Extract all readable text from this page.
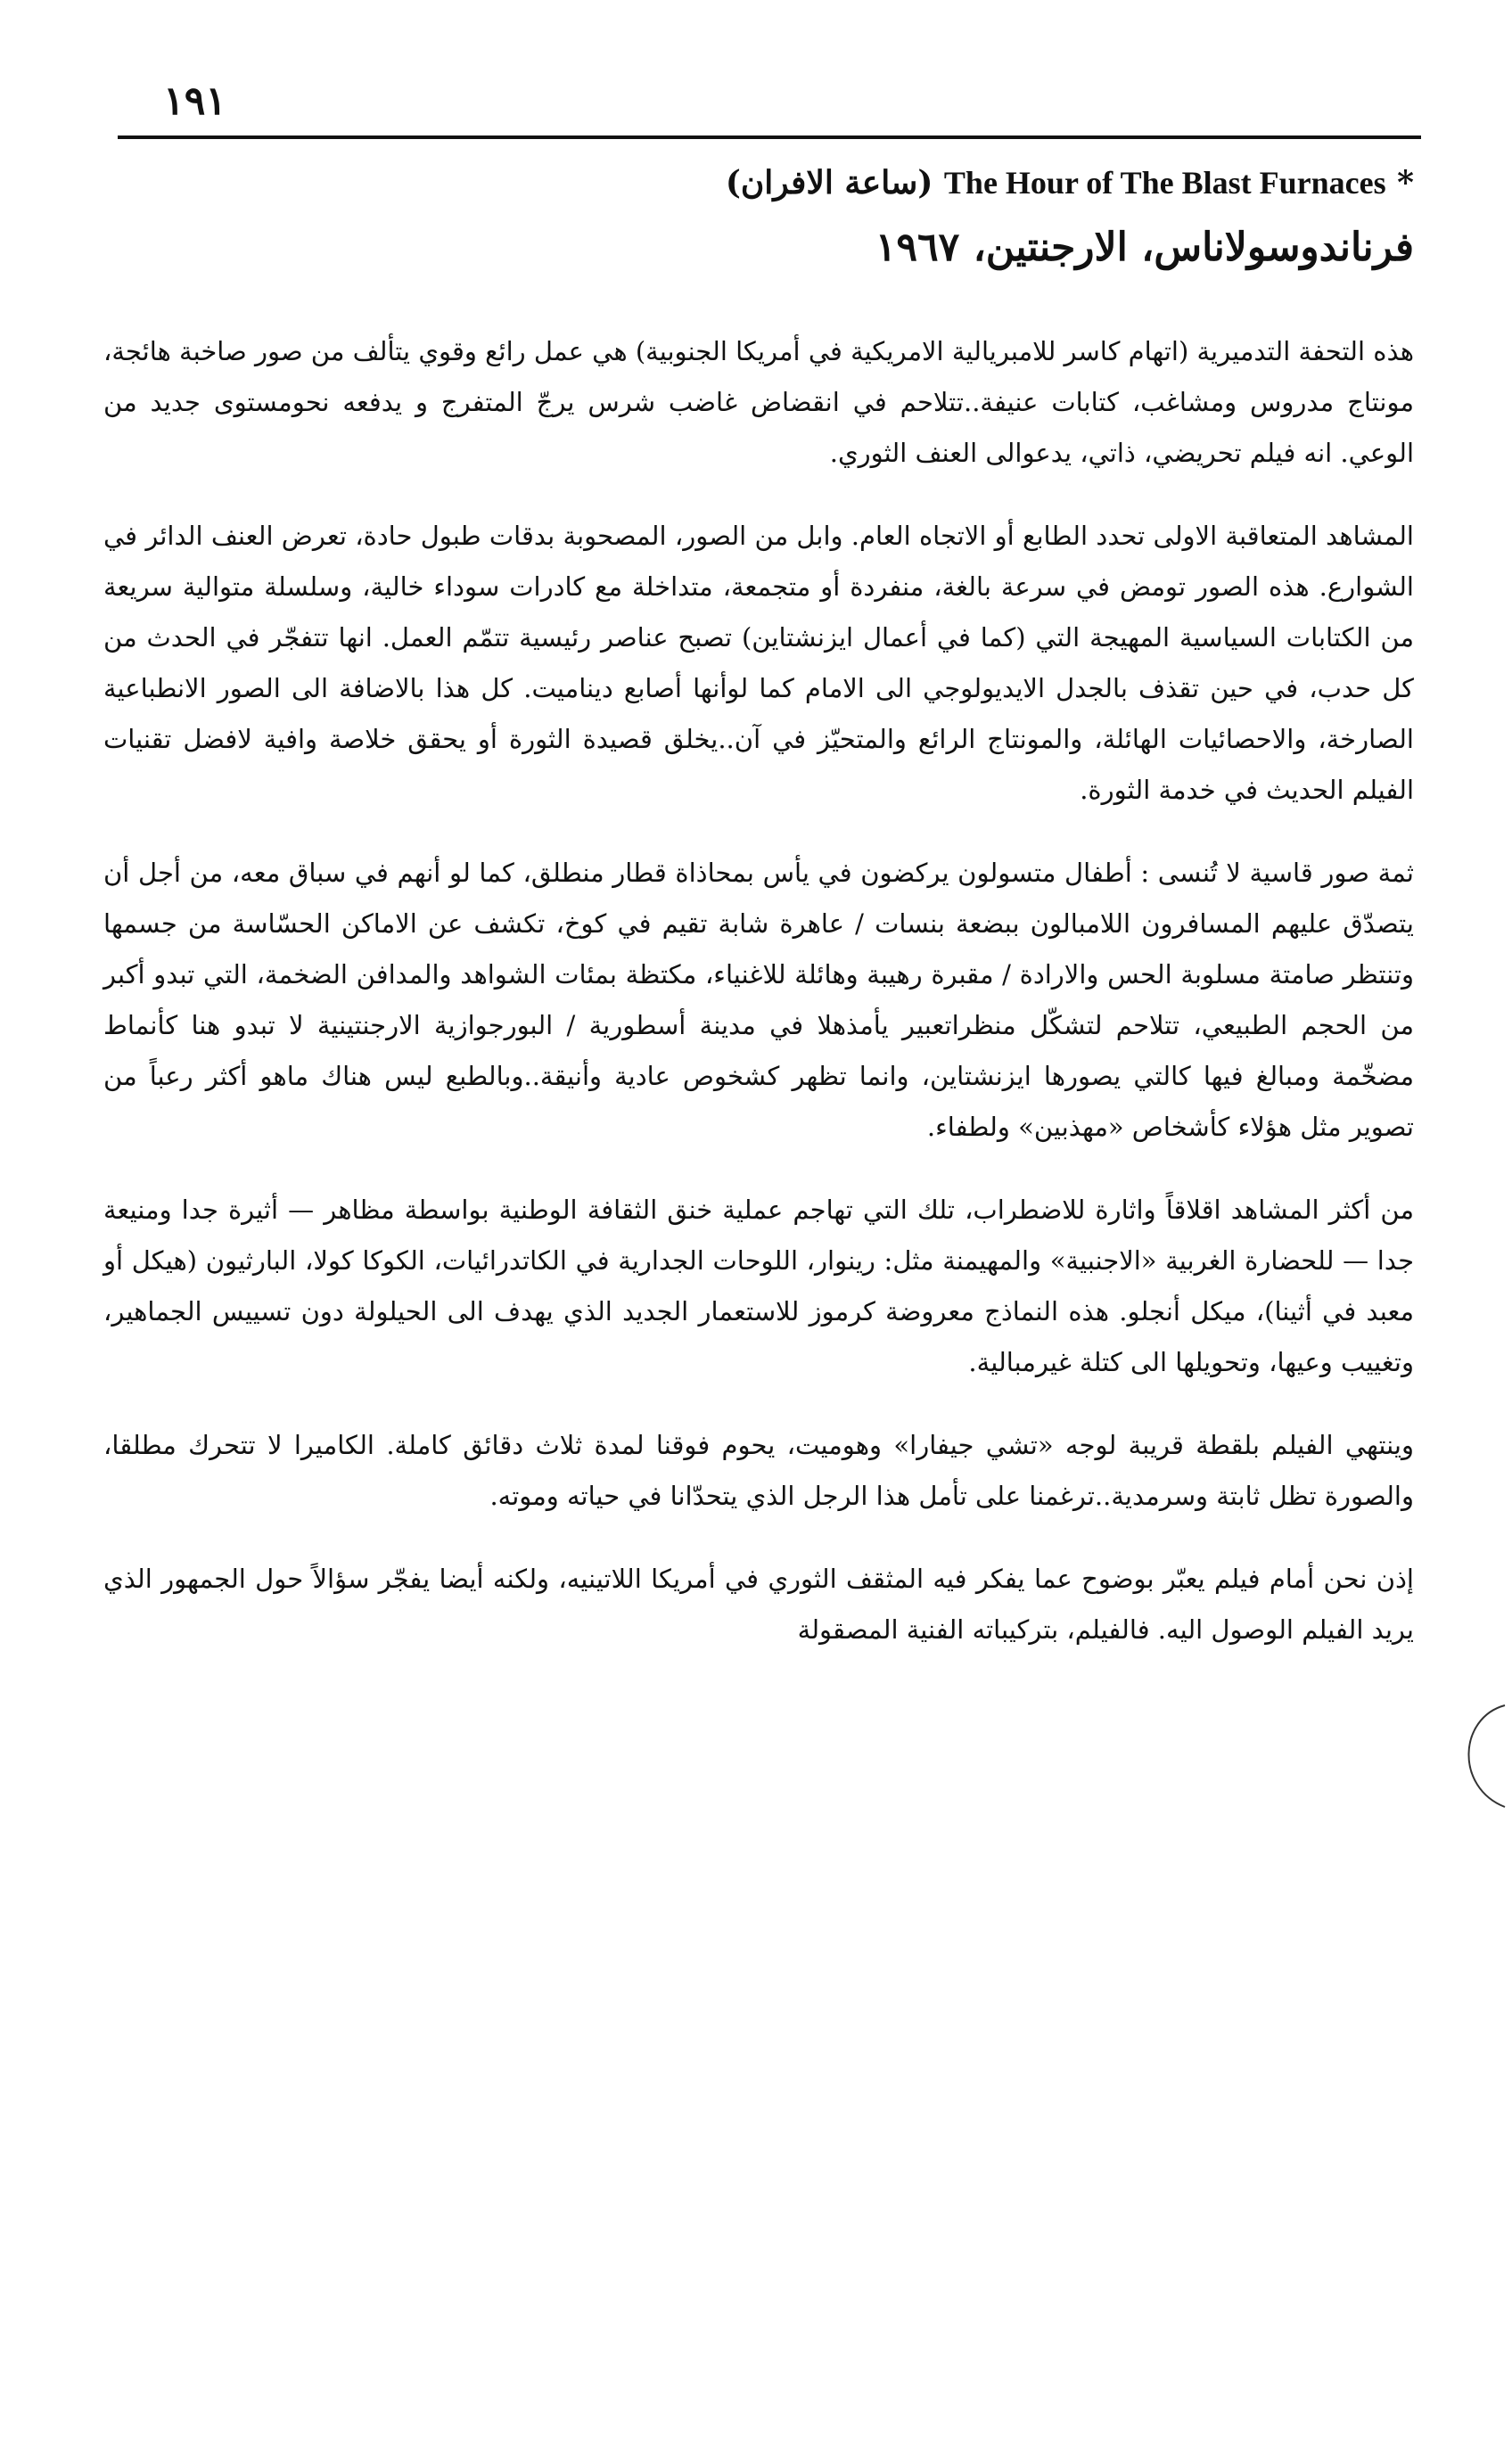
١٩١
* The Hour of The Blast Furnaces (ساعة الافران)
فرناندوسولاناس، الارجنتين، ١٩٦٧

هذه التحفة التدميرية (اتهام كاسر للامبريالية الامريكية في أمريكا الجنوبية) هي عمل رائع وقوي يتألف من صور صاخبة هائجة، مونتاج مدروس ومشاغب، كتابات عنيفة..تتلاحم في انقضاض غاضب شرس يرجّ المتفرج و يدفعه نحومستوى جديد من الوعي. انه فيلم تحريضي، ذاتي، يدعوالى العنف الثوري.

المشاهد المتعاقبة الاولى تحدد الطابع أو الاتجاه العام. وابل من الصور، المصحوبة بدقات طبول حادة، تعرض العنف الدائر في الشوارع. هذه الصور تومض في سرعة بالغة، منفردة أو متجمعة، متداخلة مع كادرات سوداء خالية، وسلسلة متوالية سريعة من الكتابات السياسية المهيجة التي (كما في أعمال ايزنشتاين) تصبح عناصر رئيسية تتمّم العمل. انها تتفجّر في الحدث من كل حدب، في حين تقذف بالجدل الايديولوجي الى الامام كما لوأنها أصابع ديناميت. كل هذا بالاضافة الى الصور الانطباعية الصارخة، والاحصائيات الهائلة، والمونتاج الرائع والمتحيّز في آن..يخلق قصيدة الثورة أو يحقق خلاصة وافية لافضل تقنيات الفيلم الحديث في خدمة الثورة.

ثمة صور قاسية لا تُنسى : أطفال متسولون يركضون في يأس بمحاذاة قطار منطلق، كما لو أنهم في سباق معه، من أجل أن يتصدّق عليهم المسافرون اللامبالون ببضعة بنسات / عاهرة شابة تقيم في كوخ، تكشف عن الاماكن الحسّاسة من جسمها وتنتظر صامتة مسلوبة الحس والارادة / مقبرة رهيبة وهائلة للاغنياء، مكتظة بمئات الشواهد والمدافن الضخمة، التي تبدو أكبر من الحجم الطبيعي، تتلاحم لتشكّل منظراتعبير يأمذهلا في مدينة أسطورية / البورجوازية الارجنتينية لا تبدو هنا كأنماط مضخّمة ومبالغ فيها كالتي يصورها ايزنشتاين، وانما تظهر كشخوص عادية وأنيقة..وبالطبع ليس هناك ماهو أكثر رعباً من تصوير مثل هؤلاء كأشخاص «مهذبين» ولطفاء.

من أكثر المشاهد اقلاقاً واثارة للاضطراب، تلك التي تهاجم عملية خنق الثقافة الوطنية بواسطة مظاهر — أثيرة جدا ومنيعة جدا — للحضارة الغربية «الاجنبية» والمهيمنة مثل: رينوار، اللوحات الجدارية في الكاتدرائيات، الكوكا كولا، البارثيون (هيكل أو معبد في أثينا)، ميكل أنجلو. هذه النماذج معروضة كرموز للاستعمار الجديد الذي يهدف الى الحيلولة دون تسييس الجماهير، وتغييب وعيها، وتحويلها الى كتلة غيرمبالية.

وينتهي الفيلم بلقطة قريبة لوجه «تشي جيفارا» وهوميت، يحوم فوقنا لمدة ثلاث دقائق كاملة. الكاميرا لا تتحرك مطلقا، والصورة تظل ثابتة وسرمدية..ترغمنا على تأمل هذا الرجل الذي يتحدّانا في حياته وموته.

إذن نحن أمام فيلم يعبّر بوضوح عما يفكر فيه المثقف الثوري في أمريكا اللاتينيه، ولكنه أيضا يفجّر سؤالاً حول الجمهور الذي يريد الفيلم الوصول اليه. فالفيلم، بتركيباته الفنية المصقولة
